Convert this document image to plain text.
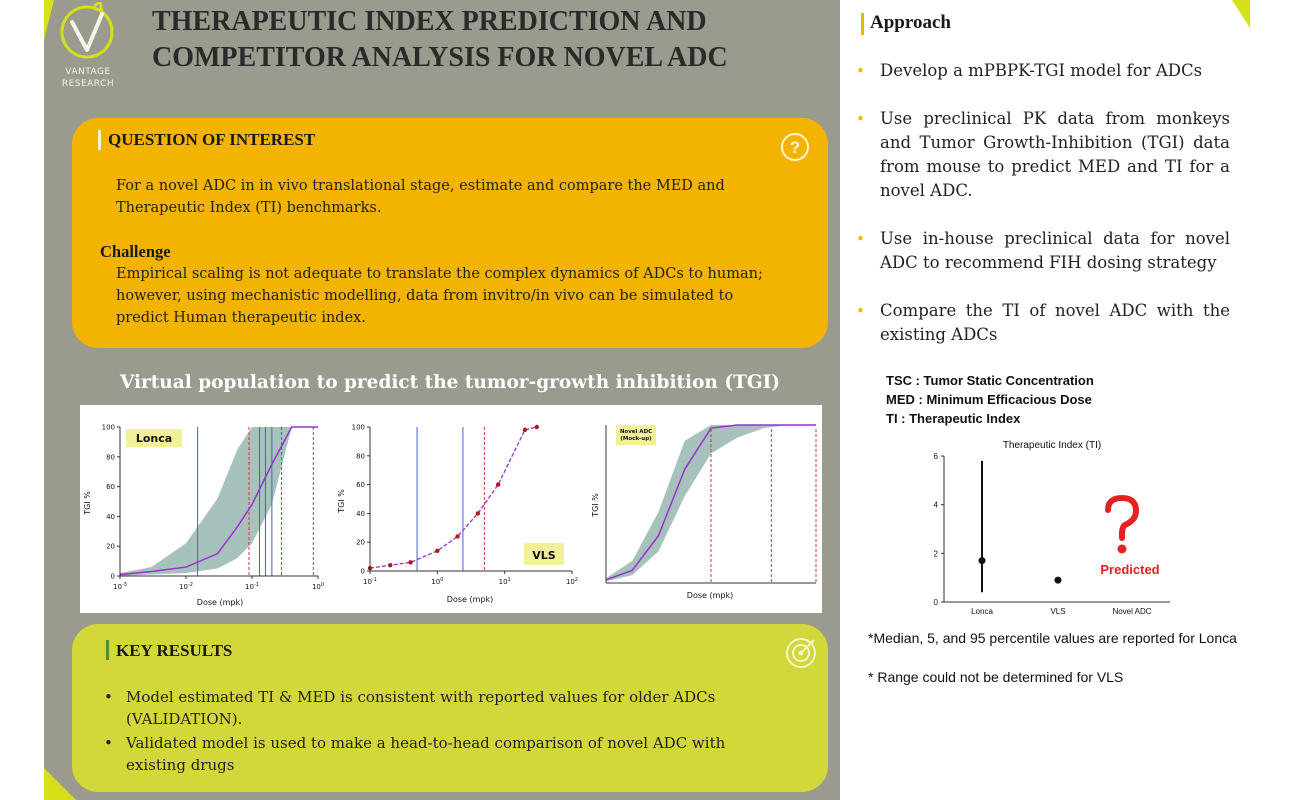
VANTAGE
RESEARCH
THERAPEUTIC INDEX PREDICTION AND
COMPETITOR ANALYSIS FOR NOVEL ADC
QUESTION OF INTEREST	?
For a novel ADC in in vivo translational stage, estimate and compare the MED and Therapeutic Index (TI) benchmarks.
Challenge
Empirical scaling is not adequate to translate the complex dynamics of ADCs to human; however, using mechanistic modelling, data from invitro/in vivo can be simulated to predict Human therapeutic index.
Virtual population to predict the tumor-growth inhibition (TGI)
0
20
40
60
80
100
$10^{-3}$	$10^{-2}$	$10^{-1}$	$10^0$
Lonca
Dose (mpk)
TGI %
0
20
40
60
80
100
$10^{-1}$	$10^0$	$10^1$	$10^2$
VLS
Dose (mpk)
TGI %
Novel ADC
(Mock-up)
Dose (mpk)
TGI %
KEY RESULTS
• Model estimated TI & MED is consistent with reported values for older ADCs (VALIDATION).
• Validated model is used to make a head-to-head comparison of novel ADC with existing drugs
Approach
• Develop a mPBPK-TGI model for ADCs
• Use preclinical PK data from monkeys and Tumor Growth-Inhibition (TGI) data from mouse to predict MED and TI for a novel ADC.
• Use in-house preclinical data for novel ADC to recommend FIH dosing strategy
• Compare the TI of novel ADC with the existing ADCs
TSC : Tumor Static Concentration
MED : Minimum Efficacious Dose
TI : Therapeutic Index
Therapeutic Index (TI)
0
2
4
6
Lonca	VLS	Novel ADC
Predicted
*Median, 5, and 95 percentile values are reported for Lonca
* Range could not be determined for VLS
